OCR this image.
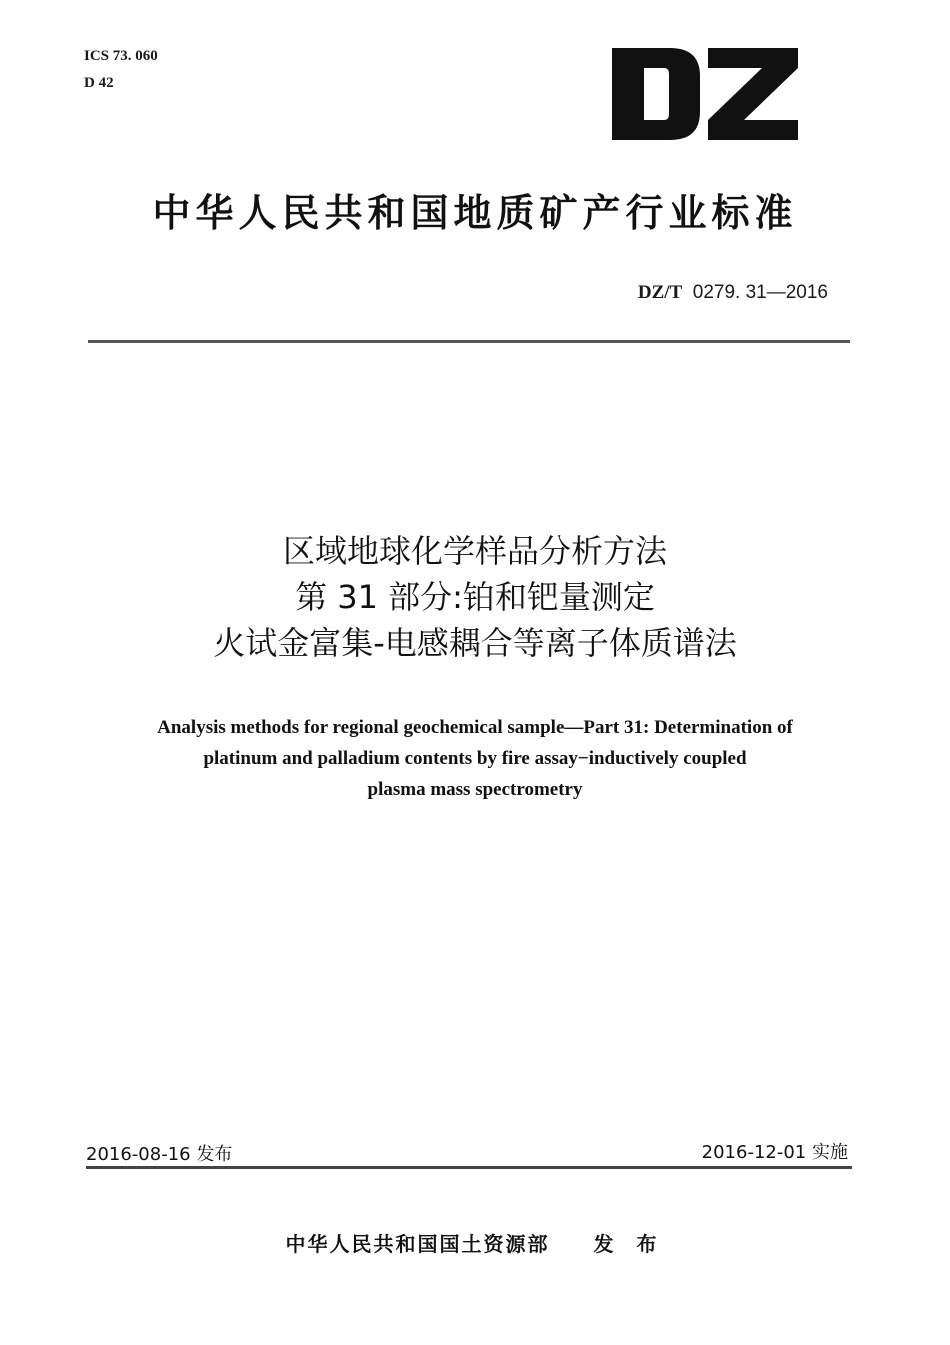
ICS 73. 060
D 42
中华人民共和国地质矿产行业标准
DZ/T 0279. 31—2016
区域地球化学样品分析方法
第 31 部分:铂和钯量测定
火试金富集-电感耦合等离子体质谱法
Analysis methods for regional geochemical sample—Part 31: Determination of
platinum and palladium contents by fire assay−inductively coupled
plasma mass spectrometry
2016-08-16 发布	2016-12-01 实施
中华人民共和国国土资源部 发 布
